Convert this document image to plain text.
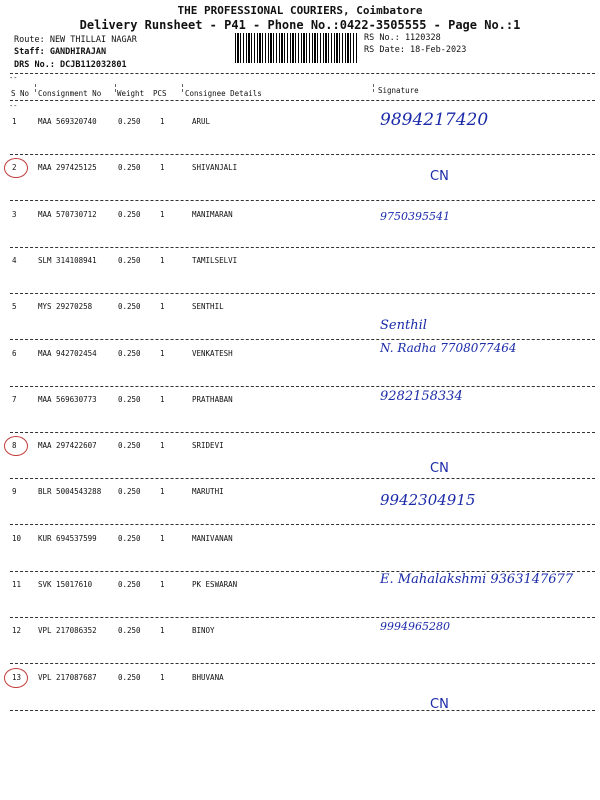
THE PROFESSIONAL COURIERS, Coimbatore
Delivery Runsheet - P41 - Phone No.:0422-3505555 - Page No.:1
Route: NEW THILLAI NAGAR
Staff: GANDHIRAJAN
DRS No.: DCJB112032801
RS No.: 1120328
RS Date: 18-Feb-2023
--
S No Consignment No Weight PCS Consignee Details	Signature
--
1	MAA 569320740	0.250	1	ARUL	9894217420
2	MAA 297425125	0.250	1	SHIVANJALI
CN
3	MAA 570730712	0.250	1	MANIMARAN	9750395541
4	SLM 314108941	0.250	1	TAMILSELVI
5	MYS 29270258	0.250	1	SENTHIL
Senthil
6	MAA 942702454	0.250	1	VENKATESH	N. Radha 7708077464
7	MAA 569630773	0.250	1	PRATHABAN	9282158334
8	MAA 297422607	0.250	1	SRIDEVI
CN
9	BLR 5004543288 0.250	1	MARUTHI	9942304915
10 KUR 694537599	0.250	1	MANIVANAN
11 SVK 15017610	0.250	1	PK ESWARAN	E. Mahalakshmi 9363147677
12 VPL 217086352	0.250	1	BINOY	9994965280
13 VPL 217087687	0.250	1	BHUVANA
CN
